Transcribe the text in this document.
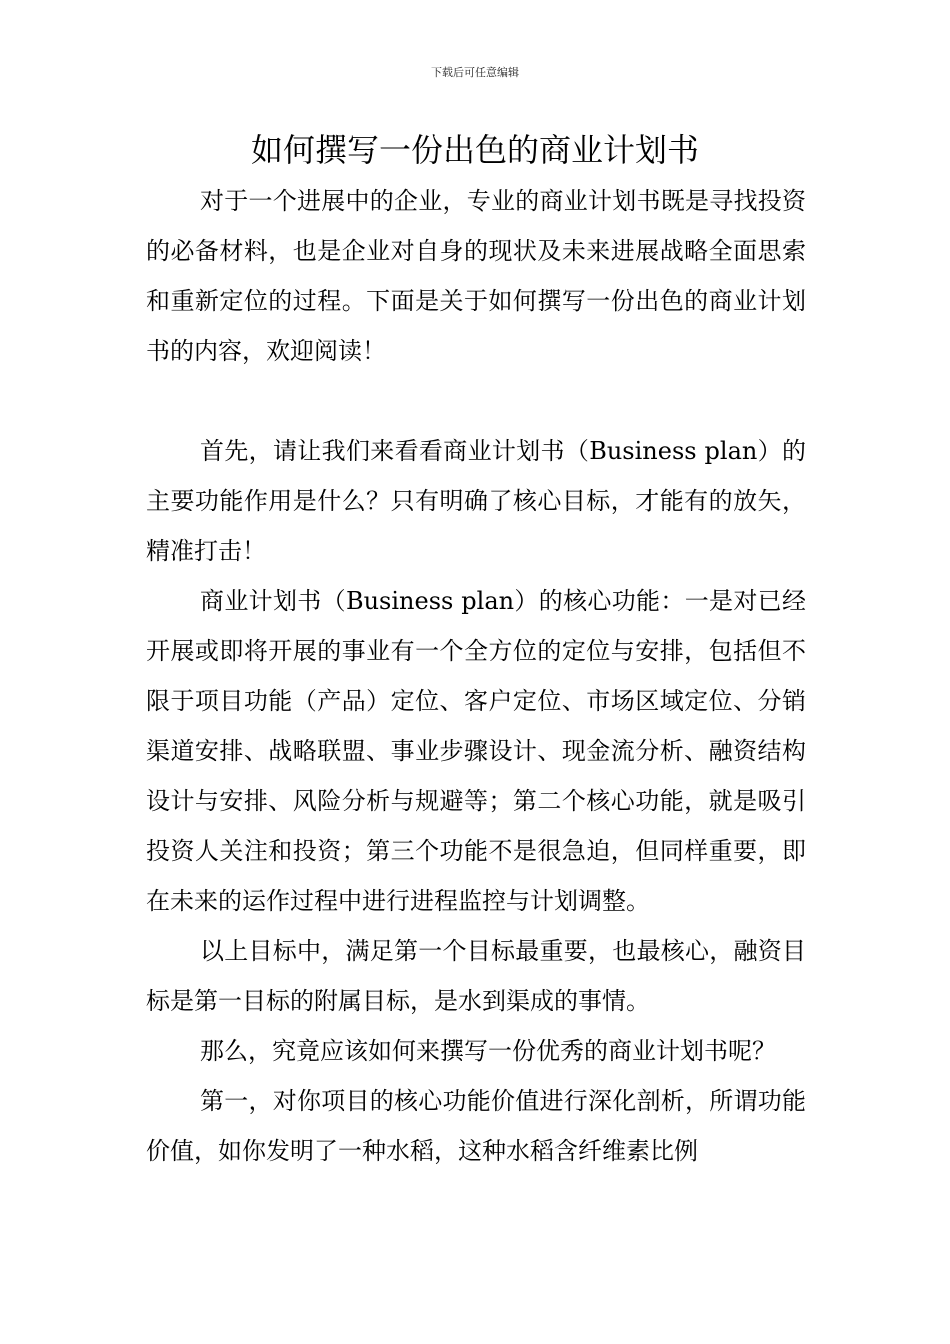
下载后可任意编辑
如何撰写一份出色的商业计划书

对于一个进展中的企业，专业的商业计划书既是寻找投资的必备材料，也是企业对自身的现状及未来进展战略全面思索和重新定位的过程。下面是关于如何撰写一份出色的商业计划书的内容，欢迎阅读！

首先，请让我们来看看商业计划书（Business plan）的主要功能作用是什么？只有明确了核心目标，才能有的放矢，精准打击！

商业计划书（Business plan）的核心功能：一是对已经开展或即将开展的事业有一个全方位的定位与安排，包括但不限于项目功能（产品）定位、客户定位、市场区域定位、分销渠道安排、战略联盟、事业步骤设计、现金流分析、融资结构设计与安排、风险分析与规避等；第二个核心功能，就是吸引投资人关注和投资；第三个功能不是很急迫，但同样重要，即在未来的运作过程中进行进程监控与计划调整。

以上目标中，满足第一个目标最重要，也最核心，融资目标是第一目标的附属目标，是水到渠成的事情。

那么，究竟应该如何来撰写一份优秀的商业计划书呢？

第一，对你项目的核心功能价值进行深化剖析，所谓功能价值，如你发明了一种水稻，这种水稻含纤维素比例
